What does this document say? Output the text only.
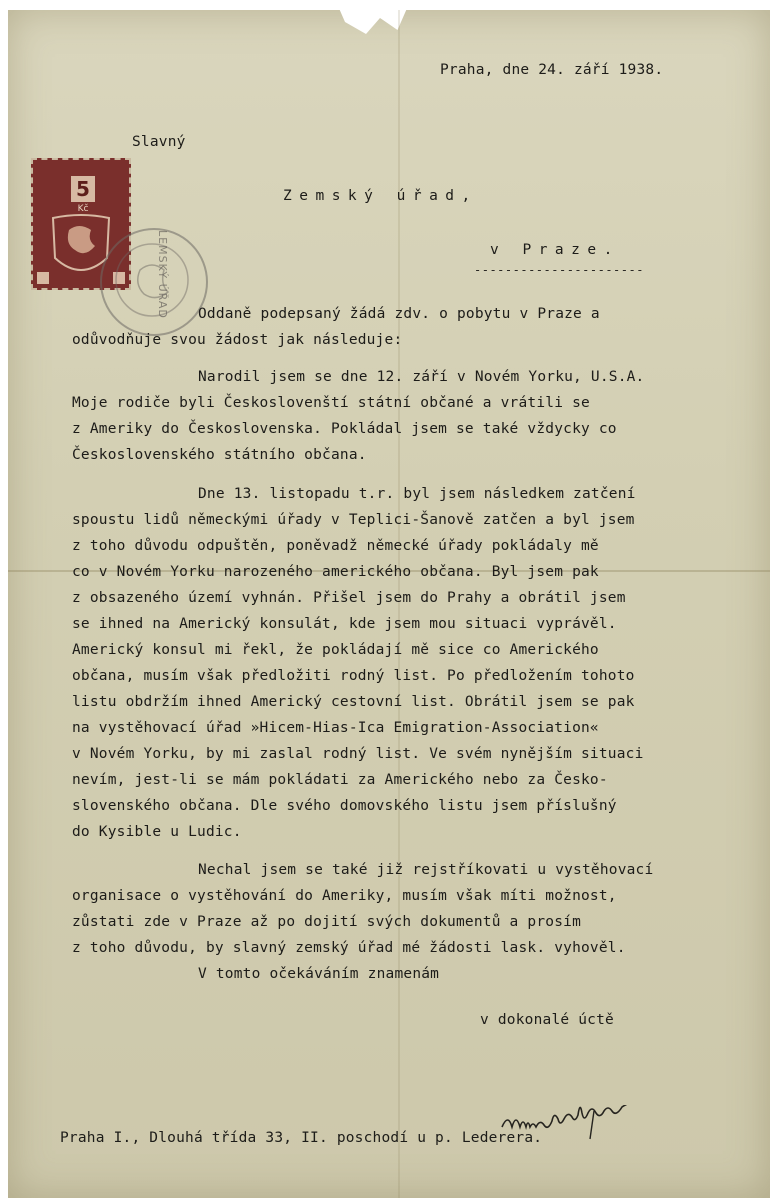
Praha, dne 24. září 1938.
Slavný
Zemský úřad,
v Praze.
----------------------
5
Kč
LEMSKÝ ÚŘAD Oddaně podepsaný žádá zdv. o pobytu v Praze a
odůvodňuje svou žádost jak následuje:
Narodil jsem se dne 12. září v Novém Yorku, U.S.A.
Moje rodiče byli Českoslovenští státní občané a vrátili se
z Ameriky do Československa. Pokládal jsem se také vždycky co
Československého státního občana.
Dne 13. listopadu t.r. byl jsem následkem zatčení
spoustu lidů německými úřady v Teplici-Šanově zatčen a byl jsem
z toho důvodu odpuštěn, poněvadž německé úřady pokládaly mě
co v Novém Yorku narozeného amerického občana. Byl jsem pak
z obsazeného území vyhnán. Přišel jsem do Prahy a obrátil jsem
se ihned na Americký konsulát, kde jsem mou situaci vyprávěl.
Americký konsul mi řekl, že pokládají mě sice co Amerického
občana, musím však předložiti rodný list. Po předložením tohoto
listu obdržím ihned Americký cestovní list. Obrátil jsem se pak
na vystěhovací úřad »Hicem-Hias-Ica Emigration-Association«
v Novém Yorku, by mi zaslal rodný list. Ve svém nynějším situaci
nevím, jest-li se mám pokládati za Amerického nebo za Česko-
slovenského občana. Dle svého domovského listu jsem příslušný
do Kysible u Ludic.
Nechal jsem se také již rejstříkovati u vystěhovací
organisace o vystěhování do Ameriky, musím však míti možnost,
zůstati zde v Praze až po dojití svých dokumentů a prosím
z toho důvodu, by slavný zemský úřad mé žádosti lask. vyhověl.
V tomto očekáváním znamenám
v dokonalé úctě
Praha I., Dlouhá třída 33, II. poschodí u p. Lederera.
